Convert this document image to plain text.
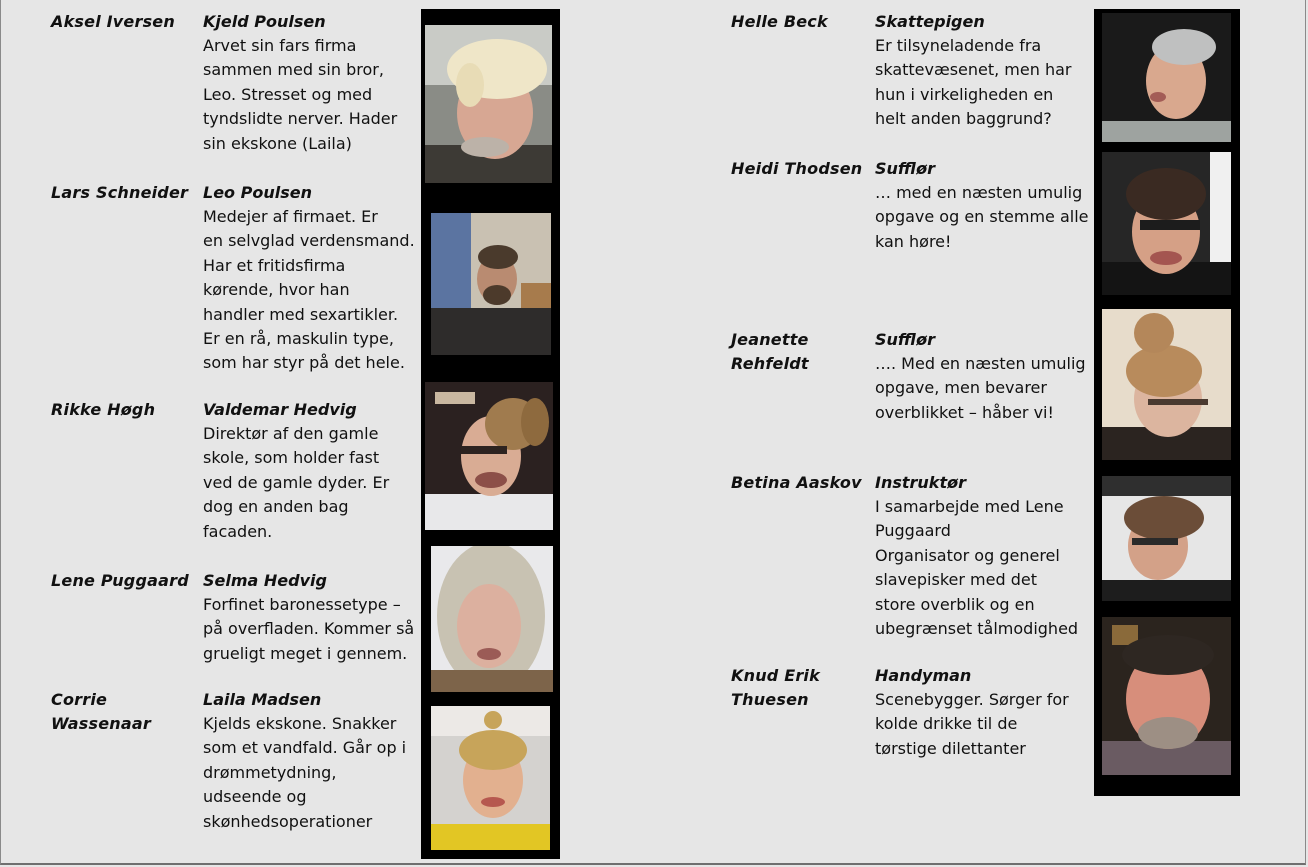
Aksel Iversen Kjeld Poulsen
Arvet sin fars firma
sammen med sin bror,
Leo. Stresset og med
tyndslidte nerver. Hader
sin ekskone (Laila)
Lars Schneider Leo Poulsen
Medejer af firmaet. Er
en selvglad verdensmand.
Har et fritidsfirma
kørende, hvor han
handler med sexartikler.
Er en rå, maskulin type,
som har styr på det hele.
Rikke Høgh	Valdemar Hedvig
Direktør af den gamle
skole, som holder fast
ved de gamle dyder. Er
dog en anden bag
facaden.
Lene Puggaard Selma Hedvig
Forfinet baronessetype –
på overfladen. Kommer så
grueligt meget i gennem.
Corrie
Wassenaar
Laila Madsen
Kjelds ekskone. Snakker
som et vandfald. Går op i
drømmetydning,
udseende og
skønhedsoperationer
Helle Beck	Skattepigen
Er tilsyneladende fra
skattevæsenet, men har
hun i virkeligheden en
helt anden baggrund?
Heidi Thodsen Sufflør
… med en næsten umulig
opgave og en stemme alle
kan høre!
Jeanette
Rehfeldt
Sufflør
…. Med en næsten umulig
opgave, men bevarer
overblikket – håber vi!
Betina Aaskov Instruktør
I samarbejde med Lene
Puggaard
Organisator og generel
slavepisker med det
store overblik og en
ubegrænset tålmodighed
Knud Erik
Thuesen
Handyman
Scenebygger. Sørger for
kolde drikke til de
tørstige dilettanter
